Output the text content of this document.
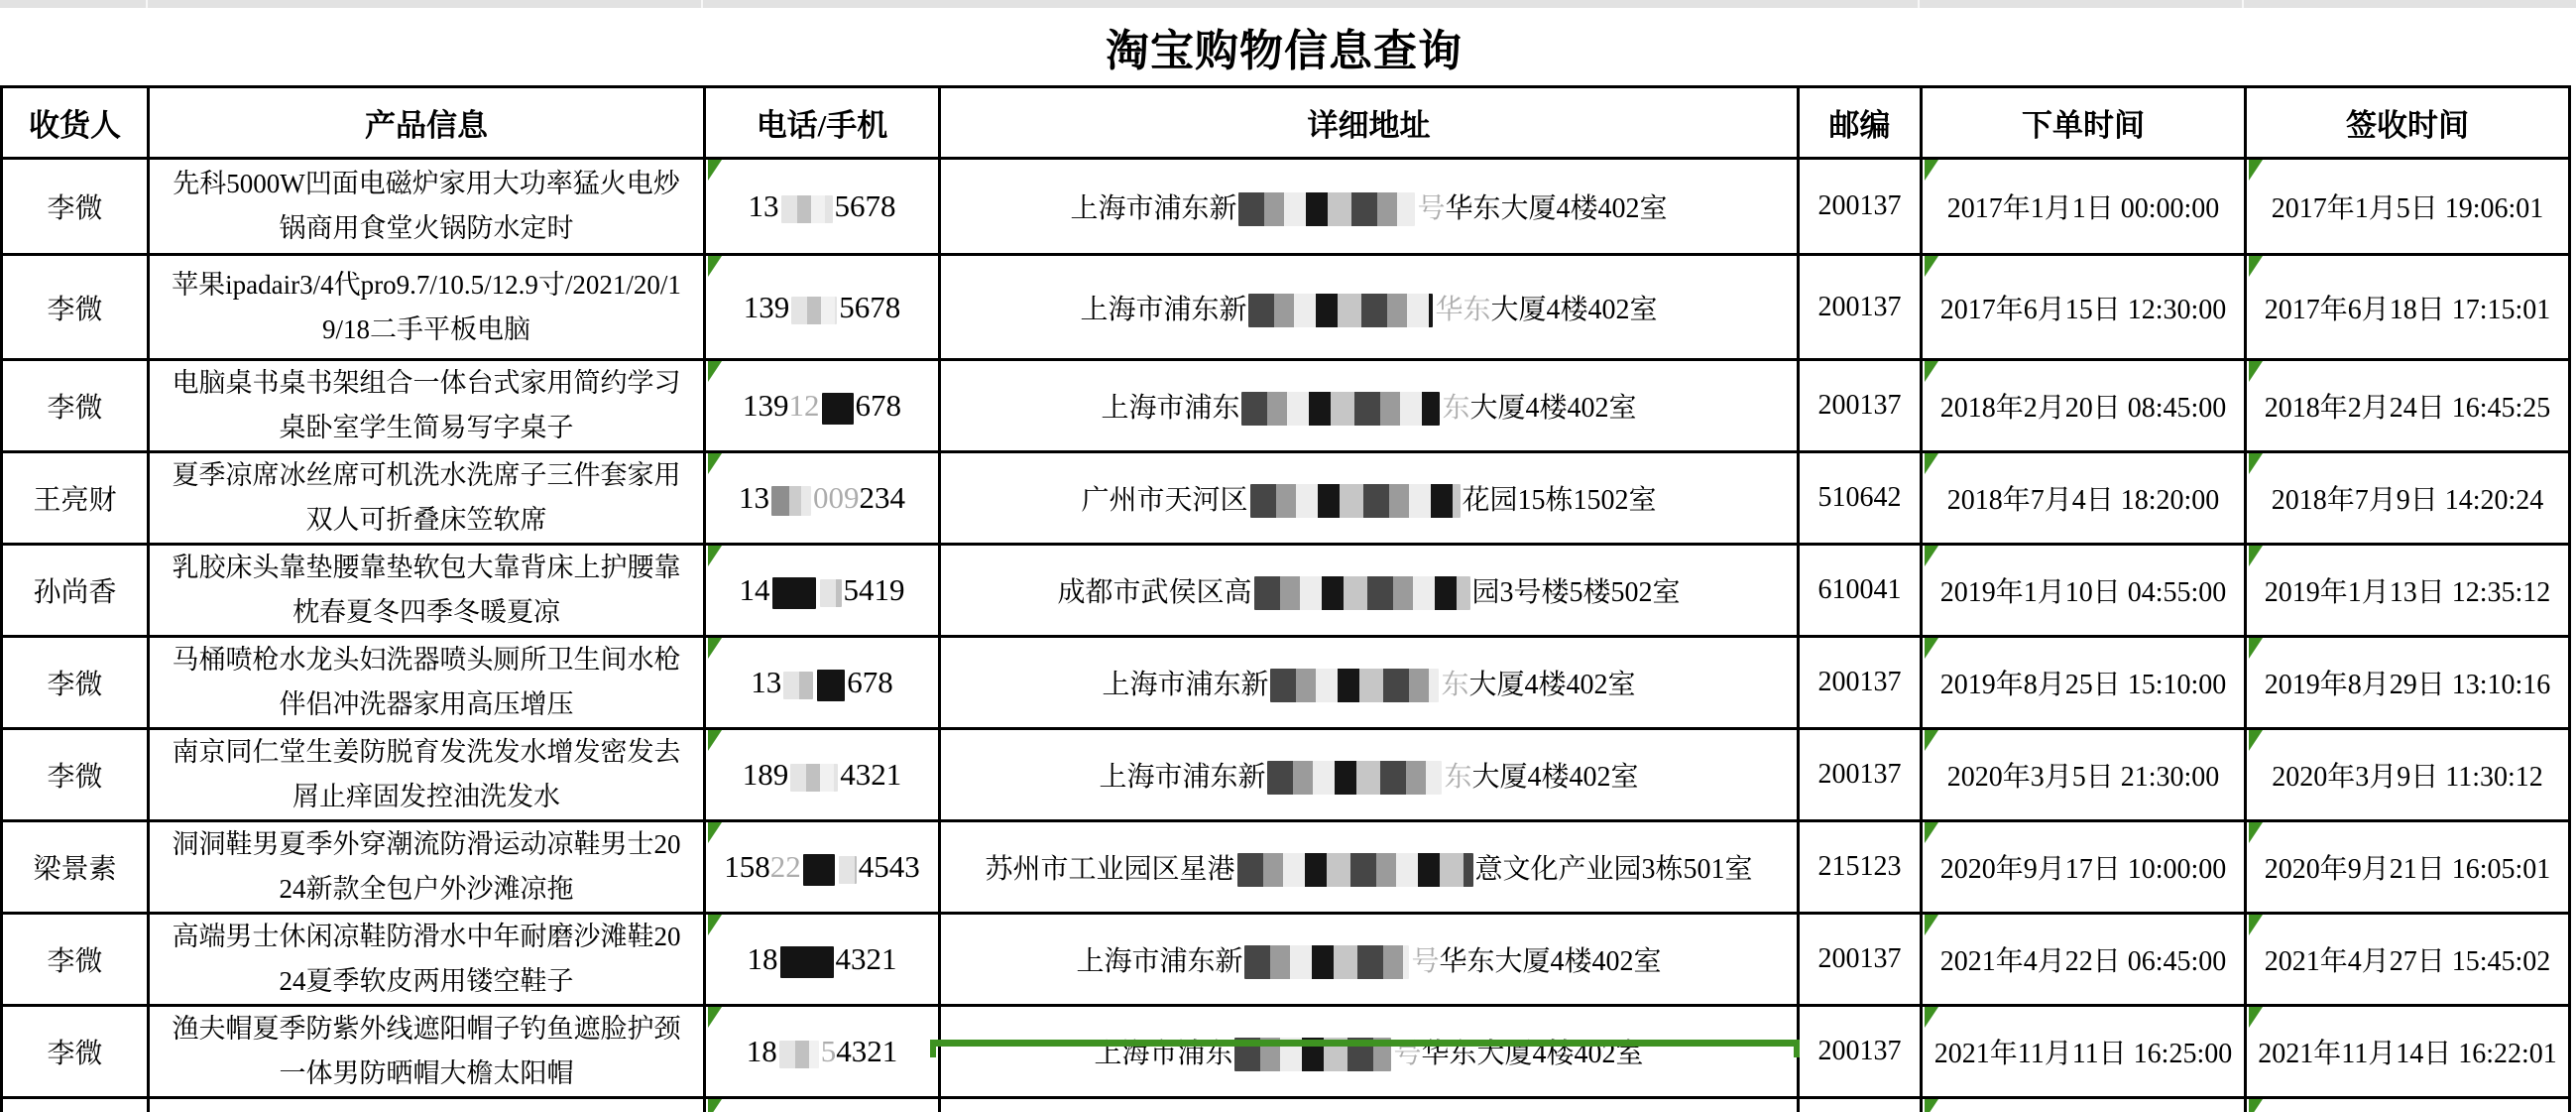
淘宝购物信息查询
收货人	产品信息	电话/手机	详细地址	邮编	下单时间	签收时间
李微	先科5000W凹面电磁炉家用大功率猛火电炒锅商用食堂火锅防水定时	13 5678	上海市浦东新 号 华东大厦4楼402室	200137	2017年1月1日 00:00:00	2017年1月5日 19:06:01
李微	苹果ipadair3/4代pro9.7/10.5/12.9寸/2021/20/19/18二手平板电脑	139 5678	上海市浦东新 华东 大厦4楼402室	200137	2017年6月15日 12:30:00	2017年6月18日 17:15:01
李微	电脑桌书桌书架组合一体台式家用简约学习桌卧室学生简易写字桌子	139 12 678	上海市浦东 东 大厦4楼402室	200137	2018年2月20日 08:45:00	2018年2月24日 16:45:25
王亮财	夏季凉席冰丝席可机洗水洗席子三件套家用双人可折叠床笠软席	13 009 234	广州市天河区 花园15栋1502室	510642	2018年7月4日 18:20:00	2018年7月9日 14:20:24
孙尚香	乳胶床头靠垫腰靠垫软包大靠背床上护腰靠枕春夏冬四季冬暖夏凉	14 5419	成都市武侯区高 园3号楼5楼502室	610041	2019年1月10日 04:55:00	2019年1月13日 12:35:12
李微	马桶喷枪水龙头妇洗器喷头厕所卫生间水枪伴侣冲洗器家用高压增压	13 678	上海市浦东新 东 大厦4楼402室	200137	2019年8月25日 15:10:00	2019年8月29日 13:10:16
李微	南京同仁堂生姜防脱育发洗发水增发密发去屑止痒固发控油洗发水	189 4321	上海市浦东新 东 大厦4楼402室	200137	2020年3月5日 21:30:00	2020年3月9日 11:30:12
梁景素	洞洞鞋男夏季外穿潮流防滑运动凉鞋男士2024新款全包户外沙滩凉拖	158 22 4543	苏州市工业园区星港 意文化产业园3栋501室	215123	2020年9月17日 10:00:00	2020年9月21日 16:05:01
李微	高端男士休闲凉鞋防滑水中年耐磨沙滩鞋2024夏季软皮两用镂空鞋子	18 4321	上海市浦东新 号 华东大厦4楼402室	200137	2021年4月22日 06:45:00	2021年4月27日 15:45:02
李微	渔夫帽夏季防紫外线遮阳帽子钓鱼遮脸护颈一体男防晒帽大檐太阳帽	18 5 4321	上海市浦东 号 华东大厦4楼402室	200137	2021年11月11日 16:25:00	2021年11月14日 16:22:01
